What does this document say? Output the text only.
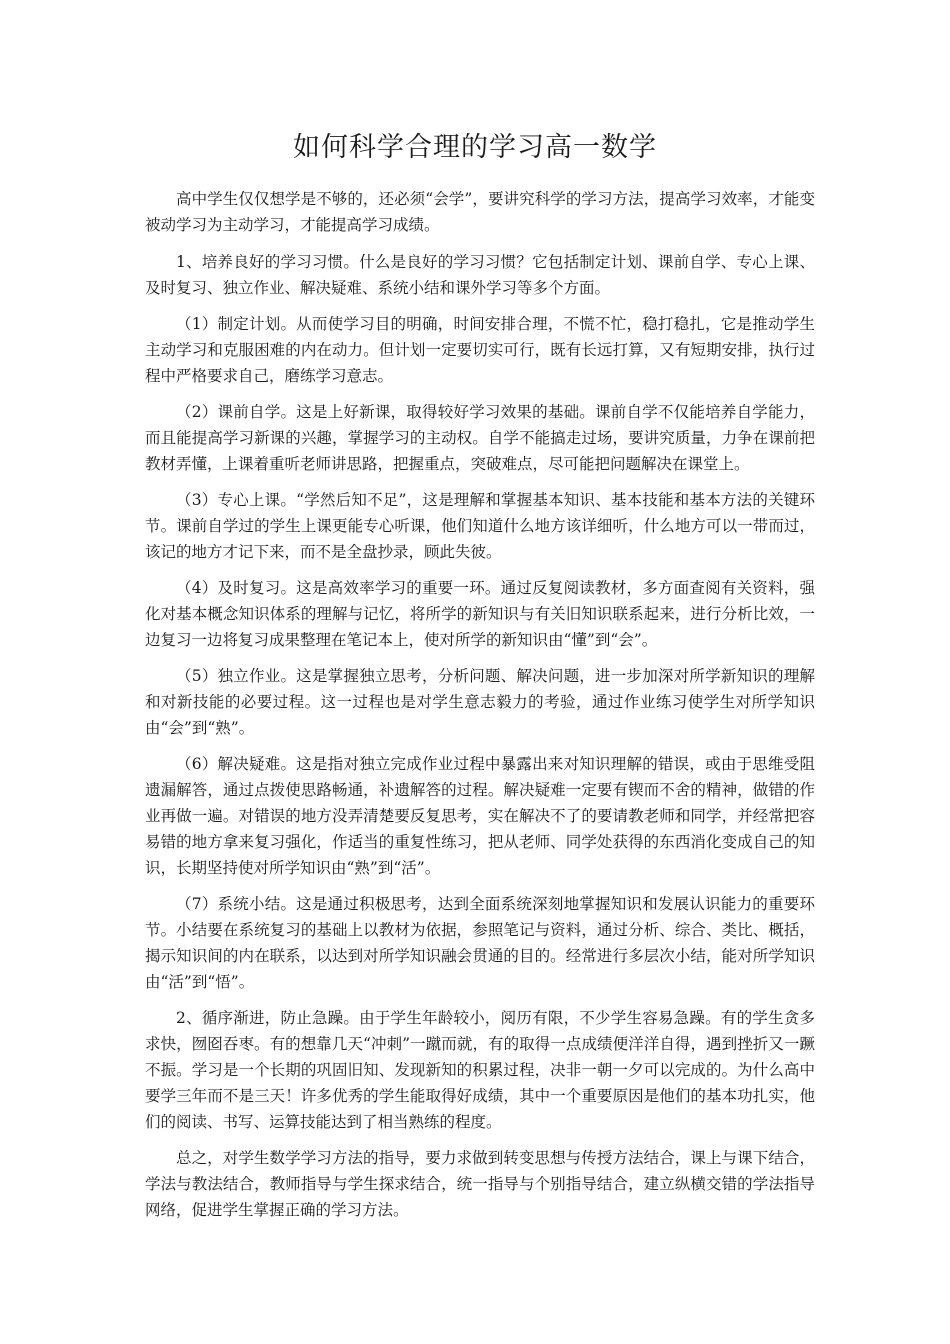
如何科学合理的学习高一数学

高中学生仅仅想学是不够的，还必须“会学”，要讲究科学的学习方法，提高学习效率，才能变被动学习为主动学习，才能提高学习成绩。

1、培养良好的学习习惯。什么是良好的学习习惯？它包括制定计划、课前自学、专心上课、及时复习、独立作业、解决疑难、系统小结和课外学习等多个方面。

（1）制定计划。从而使学习目的明确，时间安排合理，不慌不忙，稳打稳扎，它是推动学生主动学习和克服困难的内在动力。但计划一定要切实可行，既有长远打算，又有短期安排，执行过程中严格要求自己，磨练学习意志。

（2）课前自学。这是上好新课，取得较好学习效果的基础。课前自学不仅能培养自学能力，而且能提高学习新课的兴趣，掌握学习的主动权。自学不能搞走过场，要讲究质量，力争在课前把教材弄懂，上课着重听老师讲思路，把握重点，突破难点，尽可能把问题解决在课堂上。

（3）专心上课。“学然后知不足”，这是理解和掌握基本知识、基本技能和基本方法的关键环节。课前自学过的学生上课更能专心听课，他们知道什么地方该详细听，什么地方可以一带而过，该记的地方才记下来，而不是全盘抄录，顾此失彼。

（4）及时复习。这是高效率学习的重要一环。通过反复阅读教材，多方面查阅有关资料，强化对基本概念知识体系的理解与记忆，将所学的新知识与有关旧知识联系起来，进行分析比效，一边复习一边将复习成果整理在笔记本上，使对所学的新知识由“懂”到“会”。

（5）独立作业。这是掌握独立思考，分析问题、解决问题，进一步加深对所学新知识的理解和对新技能的必要过程。这一过程也是对学生意志毅力的考验，通过作业练习使学生对所学知识由“会”到“熟”。

（6）解决疑难。这是指对独立完成作业过程中暴露出来对知识理解的错误，或由于思维受阻遗漏解答，通过点拨使思路畅通，补遗解答的过程。解决疑难一定要有锲而不舍的精神，做错的作业再做一遍。对错误的地方没弄清楚要反复思考，实在解决不了的要请教老师和同学，并经常把容易错的地方拿来复习强化，作适当的重复性练习，把从老师、同学处获得的东西消化变成自己的知识，长期坚持使对所学知识由“熟”到“活”。

（7）系统小结。这是通过积极思考，达到全面系统深刻地掌握知识和发展认识能力的重要环节。小结要在系统复习的基础上以教材为依据，参照笔记与资料，通过分析、综合、类比、概括，揭示知识间的内在联系，以达到对所学知识融会贯通的目的。经常进行多层次小结，能对所学知识由“活”到“悟”。

2、循序渐进，防止急躁。由于学生年龄较小，阅历有限，不少学生容易急躁。有的学生贪多求快，囫囵吞枣。有的想靠几天“冲刺”一蹴而就，有的取得一点成绩便洋洋自得，遇到挫折又一蹶不振。学习是一个长期的巩固旧知、发现新知的积累过程，决非一朝一夕可以完成的。为什么高中要学三年而不是三天！许多优秀的学生能取得好成绩，其中一个重要原因是他们的基本功扎实，他们的阅读、书写、运算技能达到了相当熟练的程度。

总之，对学生数学学习方法的指导，要力求做到转变思想与传授方法结合，课上与课下结合，学法与教法结合，教师指导与学生探求结合，统一指导与个别指导结合，建立纵横交错的学法指导网络，促进学生掌握正确的学习方法。
